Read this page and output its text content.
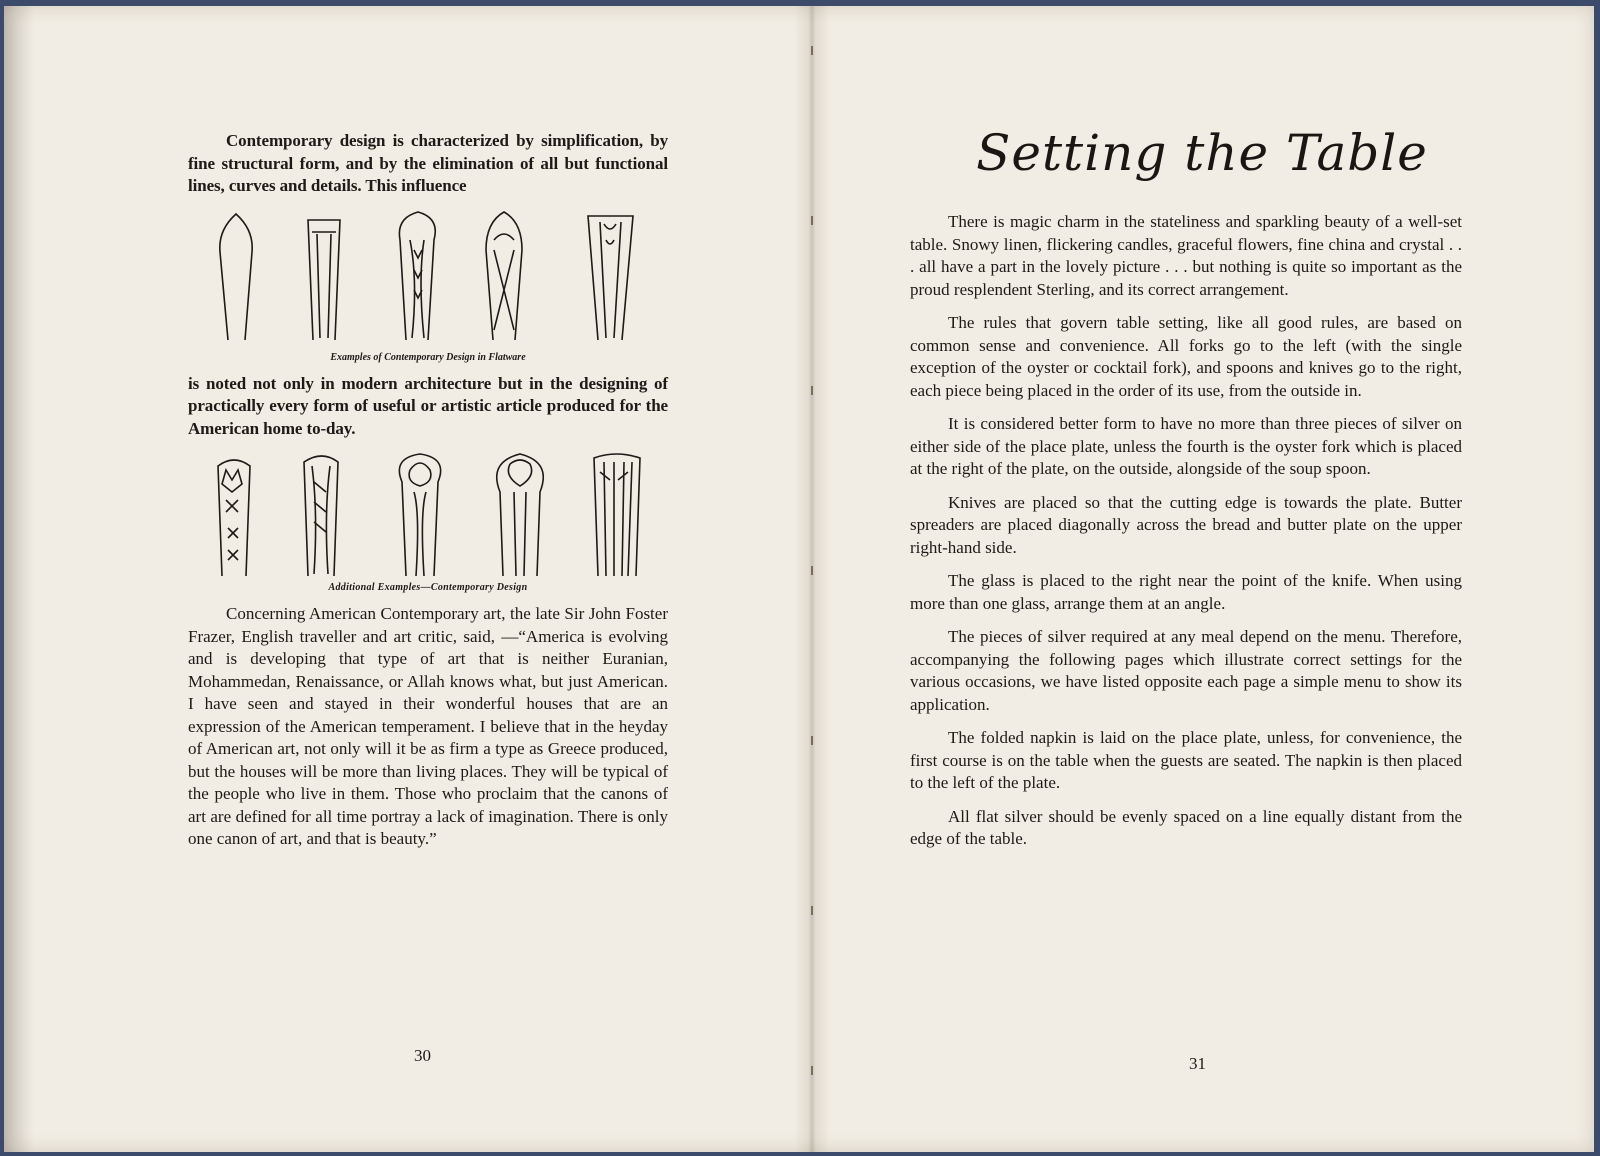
Contemporary design is characterized by simplification, by fine structural form, and by the elimination of all but functional lines, curves and details. This influence

Examples of Contemporary Design in Flatware

is noted not only in modern architecture but in the designing of practically every form of useful or artistic article produced for the American home to-day.

Additional Examples—Contemporary Design

Concerning American Contemporary art, the late Sir John Foster Frazer, English traveller and art critic, said, —“America is evolving and is developing that type of art that is neither Euranian, Mohammedan, Renaissance, or Allah knows what, but just American. I have seen and stayed in their wonderful houses that are an expression of the American temperament. I believe that in the heyday of American art, not only will it be as firm a type as Greece produced, but the houses will be more than living places. They will be typical of the people who live in them. Those who proclaim that the canons of art are defined for all time portray a lack of imagination. There is only one canon of art, and that is beauty.”

30
Setting the Table

There is magic charm in the stateliness and sparkling beauty of a well-set table. Snowy linen, flickering candles, graceful flowers, fine china and crystal . . . all have a part in the lovely picture . . . but nothing is quite so important as the proud resplendent Sterling, and its correct arrangement.

The rules that govern table setting, like all good rules, are based on common sense and convenience. All forks go to the left (with the single exception of the oyster or cocktail fork), and spoons and knives go to the right, each piece being placed in the order of its use, from the outside in.

It is considered better form to have no more than three pieces of silver on either side of the place plate, unless the fourth is the oyster fork which is placed at the right of the plate, on the outside, alongside of the soup spoon.

Knives are placed so that the cutting edge is towards the plate. Butter spreaders are placed diagonally across the bread and butter plate on the upper right-hand side.

The glass is placed to the right near the point of the knife. When using more than one glass, arrange them at an angle.

The pieces of silver required at any meal depend on the menu. Therefore, accompanying the following pages which illustrate correct settings for the various occasions, we have listed opposite each page a simple menu to show its application.

The folded napkin is laid on the place plate, unless, for convenience, the first course is on the table when the guests are seated. The napkin is then placed to the left of the plate.

All flat silver should be evenly spaced on a line equally distant from the edge of the table.

31
